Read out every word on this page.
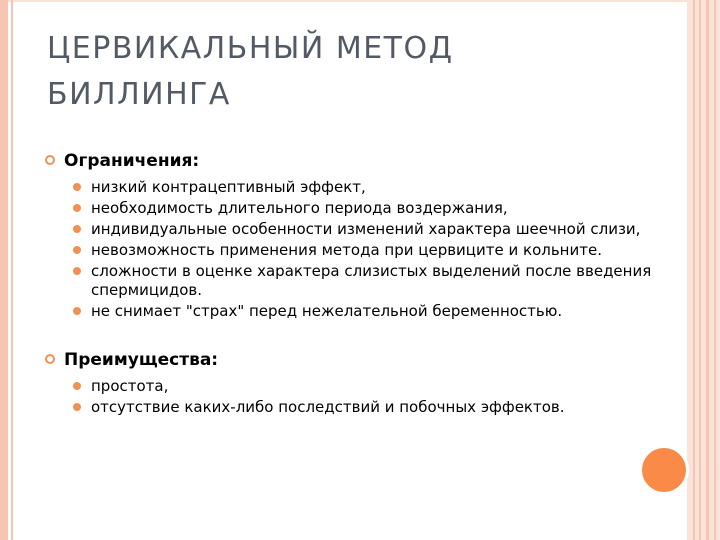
ЦЕРВИКАЛЬНЫЙ МЕТОД
БИЛЛИНГА
Ограничения:
низкий контрацептивный эффект,
необходимость длительного периода воздержания,
индивидуальные особенности изменений характера шеечной слизи,
невозможность применения метода при цервиците и кольните.
сложности в оценке характера слизистых выделений после введения спермицидов.
не снимает "страх" перед нежелательной беременностью.
Преимущества:
простота,
отсутствие каких-либо последствий и побочных эффектов.
